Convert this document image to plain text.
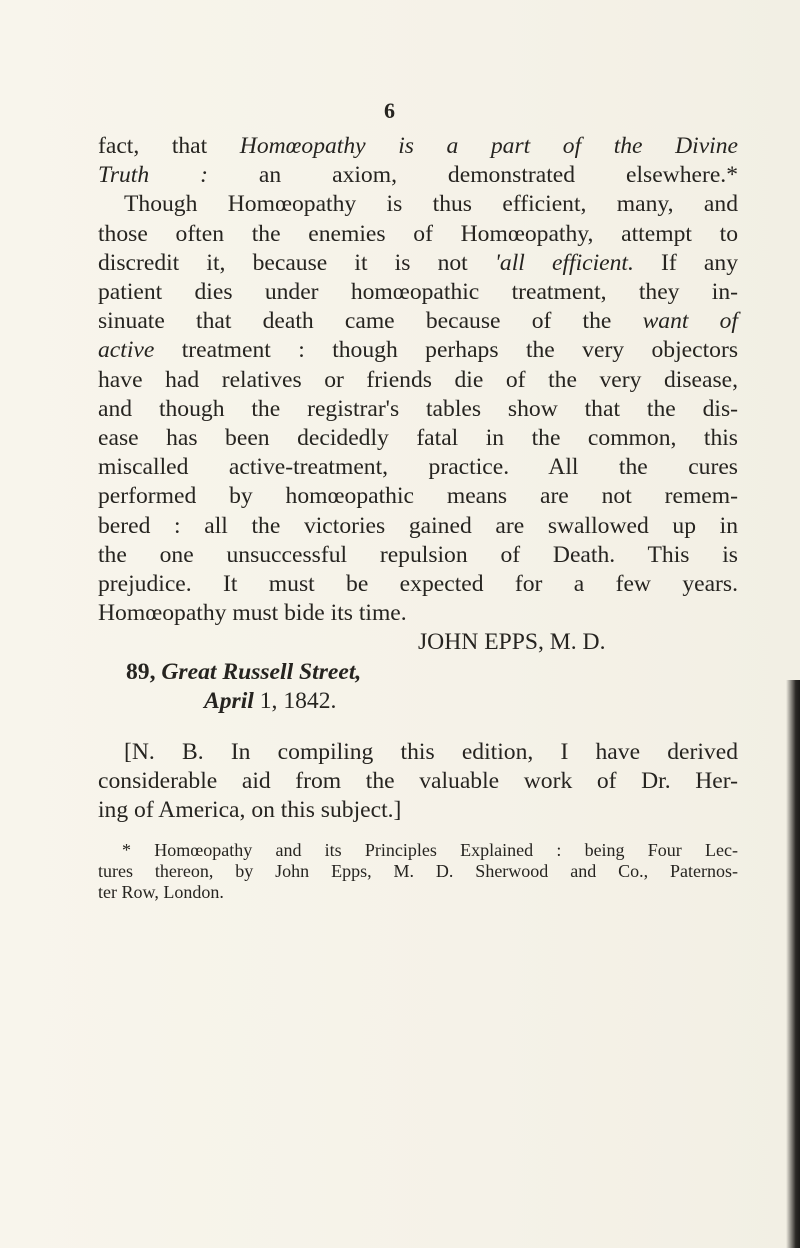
6
fact, that Homœopathy is a part of the Divine
Truth : an axiom, demonstrated elsewhere.*
Though Homœopathy is thus efficient, many, and
those often the enemies of Homœopathy, attempt to
discredit it, because it is not 'all efficient. If any
patient dies under homœopathic treatment, they in-
sinuate that death came because of the want of
active treatment : though perhaps the very objectors
have had relatives or friends die of the very disease,
and though the registrar's tables show that the dis-
ease has been decidedly fatal in the common, this
miscalled active-treatment, practice. All the cures
performed by homœopathic means are not remem-
bered : all the victories gained are swallowed up in
the one unsuccessful repulsion of Death. This is
prejudice. It must be expected for a few years.
Homœopathy must bide its time.
JOHN EPPS, M. D.
89, Great Russell Street,
April 1, 1842.
[N. B. In compiling this edition, I have derived
considerable aid from the valuable work of Dr. Her-
ing of America, on this subject.]
* Homœopathy and its Principles Explained : being Four Lec-
tures thereon, by John Epps, M. D. Sherwood and Co., Paternos-
ter Row, London.
